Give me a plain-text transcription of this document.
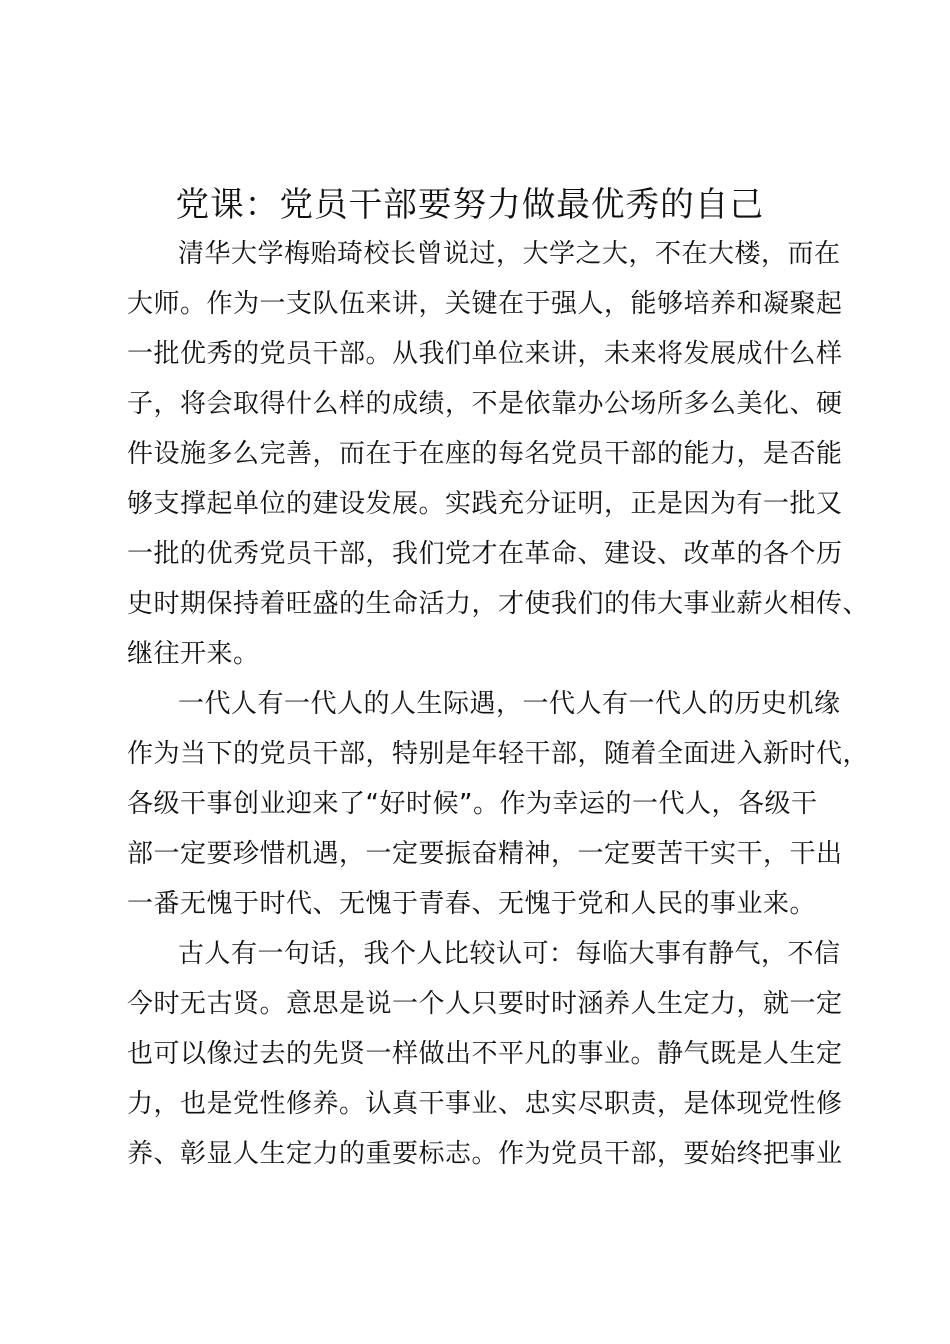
党课：党员干部要努力做最优秀的自己
清华大学梅贻琦校长曾说过，大学之大，不在大楼，而在
大师。作为一支队伍来讲，关键在于强人，能够培养和凝聚起
一批优秀的党员干部。从我们单位来讲，未来将发展成什么样
子，将会取得什么样的成绩，不是依靠办公场所多么美化、硬
件设施多么完善，而在于在座的每名党员干部的能力，是否能
够支撑起单位的建设发展。实践充分证明，正是因为有一批又
一批的优秀党员干部，我们党才在革命、建设、改革的各个历
史时期保持着旺盛的生命活力，才使我们的伟大事业薪火相传、
继往开来。
一代人有一代人的人生际遇，一代人有一代人的历史机缘
作为当下的党员干部，特别是年轻干部，随着全面进入新时代，
各级干事创业迎来了“好时候”。作为幸运的一代人，各级干
部一定要珍惜机遇，一定要振奋精神，一定要苦干实干，干出
一番无愧于时代、无愧于青春、无愧于党和人民的事业来。
古人有一句话，我个人比较认可：每临大事有静气，不信
今时无古贤。意思是说一个人只要时时涵养人生定力，就一定
也可以像过去的先贤一样做出不平凡的事业。静气既是人生定
力，也是党性修养。认真干事业、忠实尽职责，是体现党性修
养、彰显人生定力的重要标志。作为党员干部，要始终把事业
